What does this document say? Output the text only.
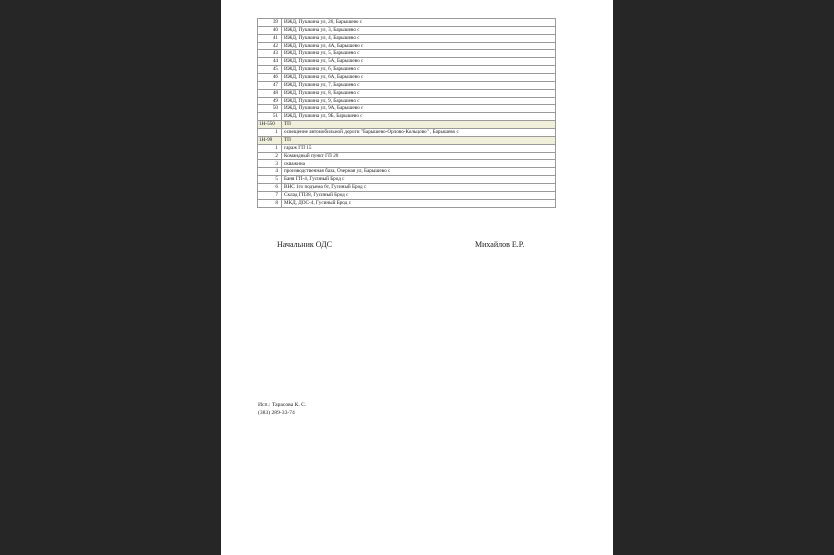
39	ИЖД, Пушкина ул, 26, Барышево с
40	ИЖД, Пушкина ул, 3, Барышево с
41	ИЖД, Пушкина ул, 4, Барышево с
42	ИЖД, Пушкина ул, 4А, Барышево с
43	ИЖД, Пушкина ул, 5, Барышево с
44	ИЖД, Пушкина ул, 5А, Барышево с
45	ИЖД, Пушкина ул, 6, Барышево с
46	ИЖД, Пушкина ул, 6А, Барышево с
47	ИЖД, Пушкина ул, 7, Барышево с
48	ИЖД, Пушкина ул, 8, Барышево с
49	ИЖД, Пушкина ул, 9, Барышево с
50	ИЖД, Пушкина ул, 9А, Барышево с
51	ИЖД, Пушкина ул, 9Б, Барышево с
1Н-550	ТП
1	освещение автомобильной дороги "Барышево-Орлово-Кольцово" , Барышево с
1Н-99	ТП
1	гараж ГП 15
2	Командный пункт ГП 20
3	скважина
4	производственная база, Озерная ул, Барышево с
5	Баня ГП-4, Гусиный Брод с
6	ВНС 1го подъема 6т, Гусиный Брод с
7	Склад ГП38, Гусиный Брод с
8	МКД, ДОС-4, Гусиный Брод с
Начальник ОДС	Михайлов Е.Р.
Исп.: Тарасова К. С.
(383) 289-33-74
